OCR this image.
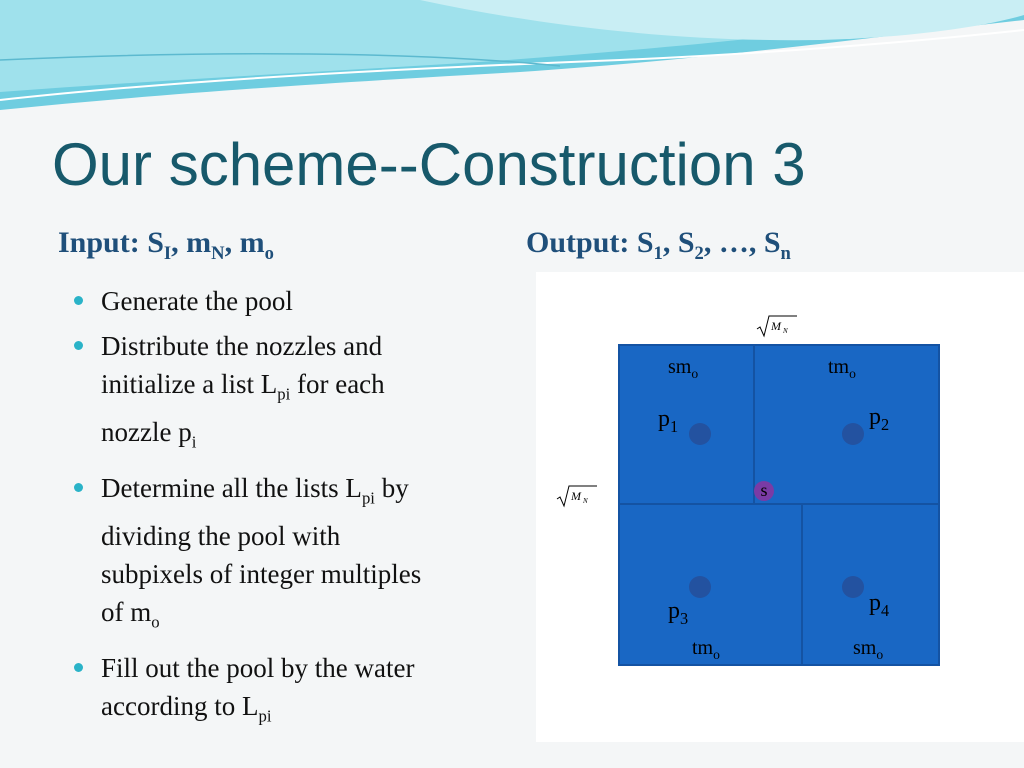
Our scheme--Construction 3
Input: $S_I$, $m_N$, $m_o$	Output: $S_1$, $S_2$, …, $S_n$
Generate the pool
Distribute the nozzles and
initialize a list $L_{pi}$ for each
nozzle $p_i$
Determine all the lists $L_{pi}$ by
dividing the pool with
subpixels of integer multiples
of $m_o$
Fill out the pool by the water
according to $L_{pi}$
M N
M N
$sm_o$	$tm_o$
$tm_o$	$sm_o$
$p_1$	$p_2$
$p_3$
$p_4$
s
